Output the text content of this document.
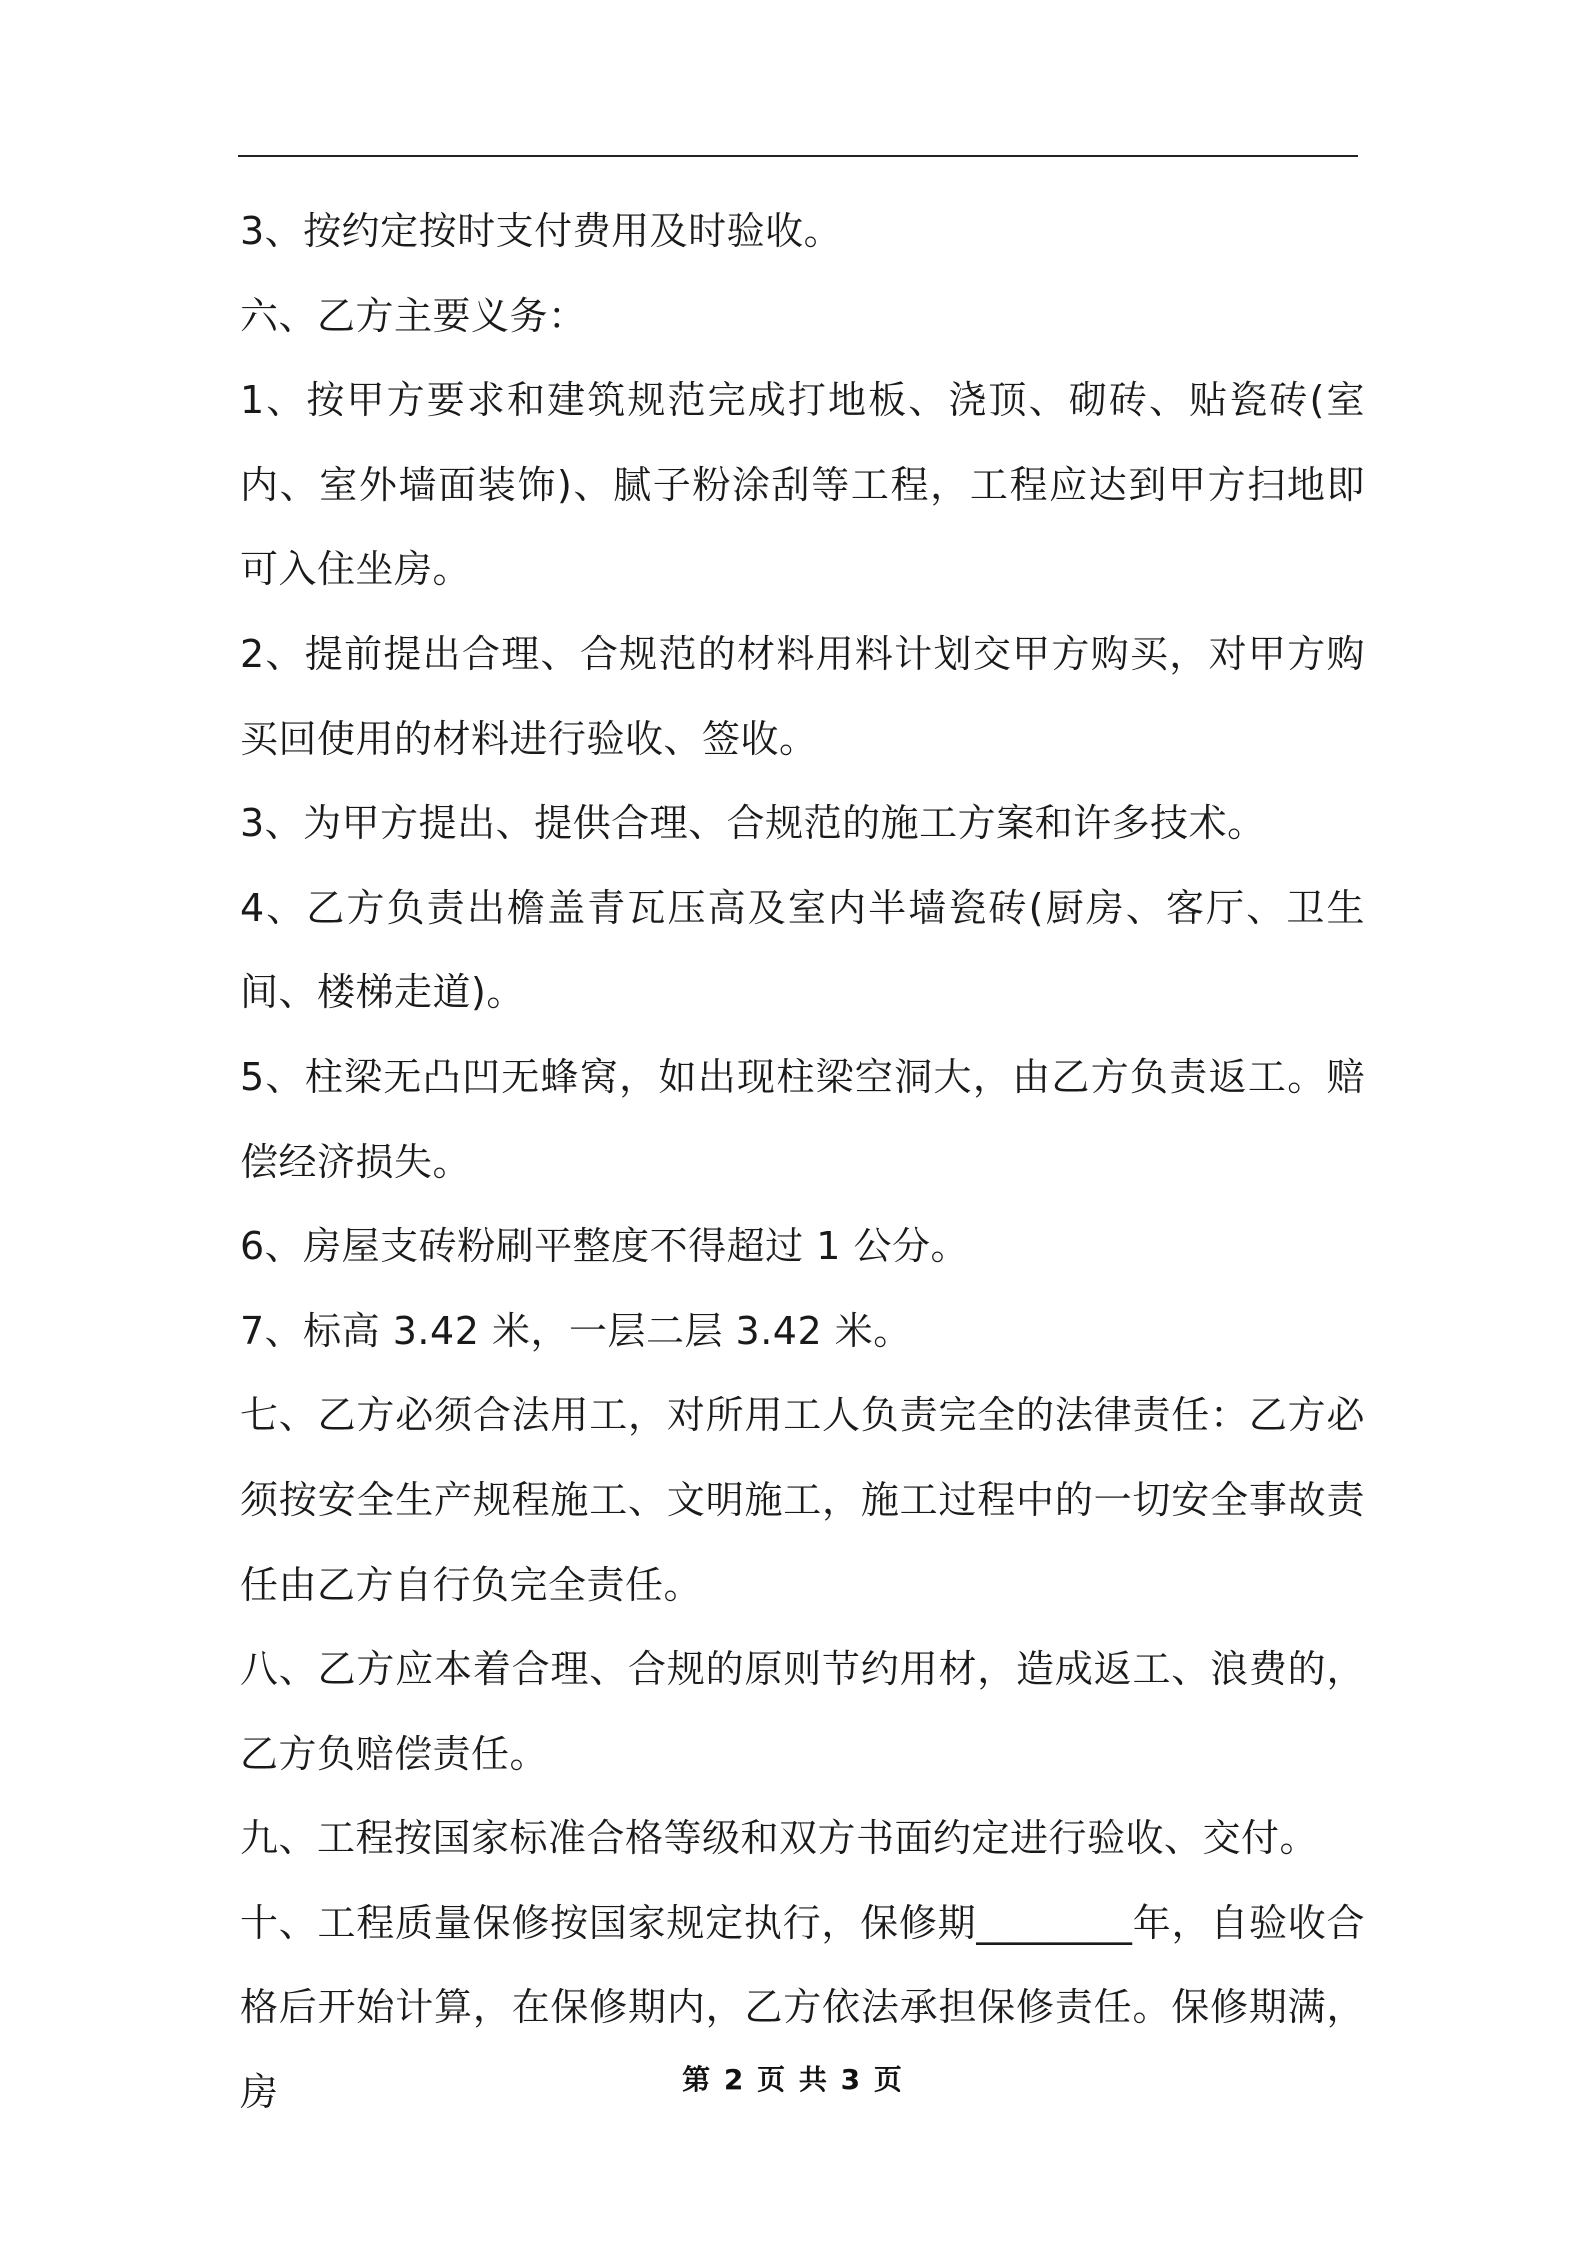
3、按约定按时支付费用及时验收。

六、乙方主要义务：

1、按甲方要求和建筑规范完成打地板、浇顶、砌砖、贴瓷砖(室内、室外墙面装饰)、腻子粉涂刮等工程，工程应达到甲方扫地即可入住坐房。

2、提前提出合理、合规范的材料用料计划交甲方购买，对甲方购买回使用的材料进行验收、签收。

3、为甲方提出、提供合理、合规范的施工方案和许多技术。

4、乙方负责出檐盖青瓦压高及室内半墙瓷砖(厨房、客厅、卫生间、楼梯走道)。

5、柱梁无凸凹无蜂窝，如出现柱梁空洞大，由乙方负责返工。赔偿经济损失。

6、房屋支砖粉刷平整度不得超过 1 公分。

7、标高 3.42 米，一层二层 3.42 米。

七、乙方必须合法用工，对所用工人负责完全的法律责任：乙方必须按安全生产规程施工、文明施工，施工过程中的一切安全事故责任由乙方自行负完全责任。

八、乙方应本着合理、合规的原则节约用材，造成返工、浪费的，乙方负赔偿责任。

九、工程按国家标准合格等级和双方书面约定进行验收、交付。

十、工程质量保修按国家规定执行，保修期________年，自验收合格后开始计算，在保修期内，乙方依法承担保修责任。保修期满，房	第 2 页 共 3 页
